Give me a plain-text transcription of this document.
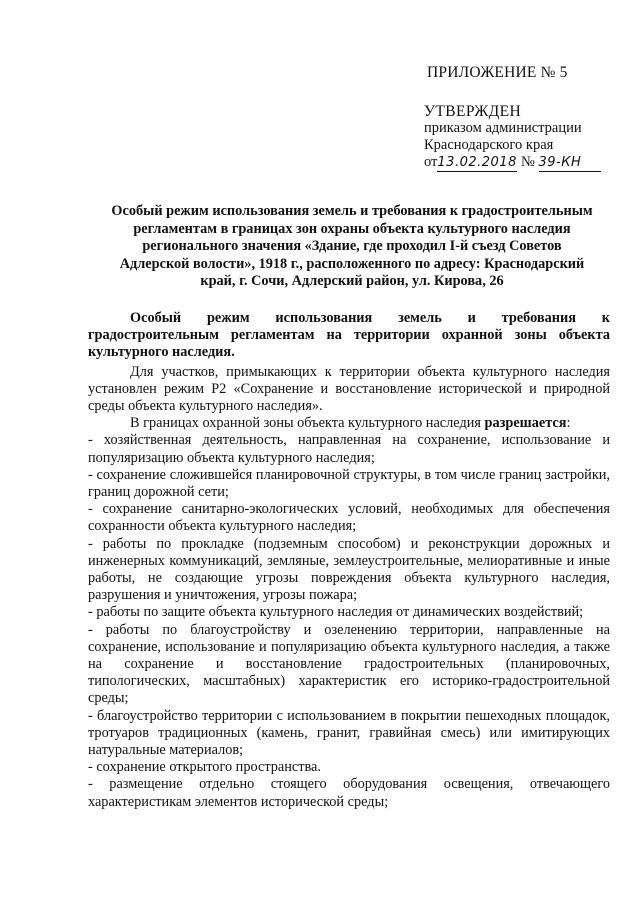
ПРИЛОЖЕНИЕ № 5
УТВЕРЖДЕН
приказом администрации
Краснодарского края
от13.02.2018 № 39-КН
Особый режим использования земель и требования к градостроительным
регламентам в границах зон охраны объекта культурного наследия
регионального значения «Здание, где проходил I-й съезд Советов
Адлерской волости», 1918 г., расположенного по адресу: Краснодарский
край, г. Сочи, Адлерский район, ул. Кирова, 26

Особый режим использования земель и требования к градостроительным регламентам на территории охранной зоны объекта культурного наследия.

Для участков, примыкающих к территории объекта культурного наследия установлен режим Р2 «Сохранение и восстановление исторической и природной среды объекта культурного наследия».

В границах охранной зоны объекта культурного наследия разрешается:

- хозяйственная деятельность, направленная на сохранение, использование и популяризацию объекта культурного наследия;

- сохранение сложившейся планировочной структуры, в том числе границ застройки, границ дорожной сети;

- сохранение санитарно-экологических условий, необходимых для обеспечения сохранности объекта культурного наследия;

- работы по прокладке (подземным способом) и реконструкции дорожных и инженерных коммуникаций, земляные, землеустроительные, мелиоративные и иные работы, не создающие угрозы повреждения объекта культурного наследия, разрушения и уничтожения, угрозы пожара;

- работы по защите объекта культурного наследия от динамических воздействий;

- работы по благоустройству и озеленению территории, направленные на сохранение, использование и популяризацию объекта культурного наследия, а также на сохранение и восстановление градостроительных (планировочных, типологических, масштабных) характеристик его историко-градостроительной среды;

- благоустройство территории с использованием в покрытии пешеходных площадок, тротуаров традиционных (камень, гранит, гравийная смесь) или имитирующих натуральные материалов;

- сохранение открытого пространства.

- размещение отдельно стоящего оборудования освещения, отвечающего характеристикам элементов исторической среды;
